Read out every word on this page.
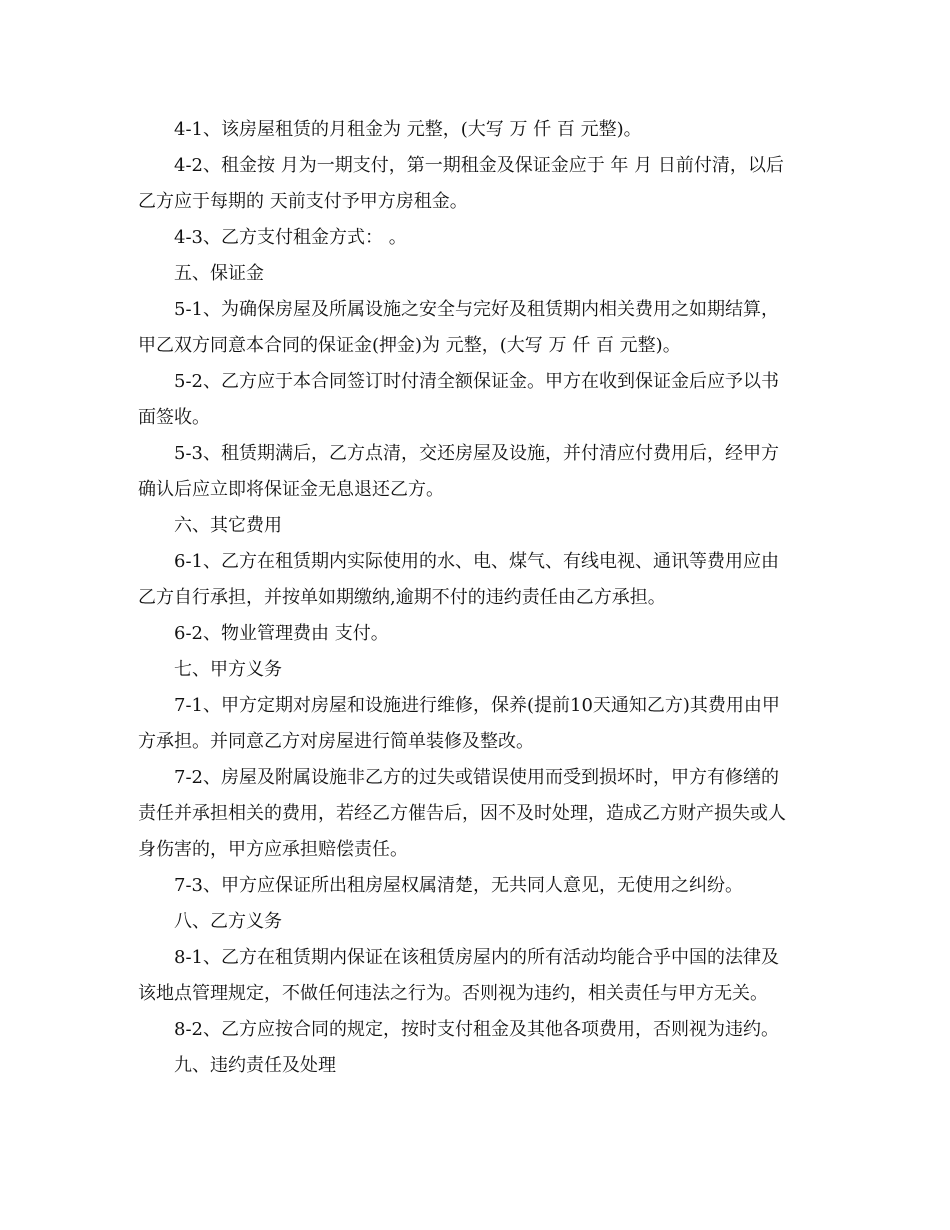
4-1、该房屋租赁的月租金为 元整，(大写 万 仟 百 元整)。

4-2、租金按 月为一期支付，第一期租金及保证金应于 年 月 日前付清，以后
乙方应于每期的 天前支付予甲方房租金。

4-3、乙方支付租金方式： 。

五、保证金

5-1、为确保房屋及所属设施之安全与完好及租赁期内相关费用之如期结算，
甲乙双方同意本合同的保证金(押金)为 元整，(大写 万 仟 百 元整)。

5-2、乙方应于本合同签订时付清全额保证金。甲方在收到保证金后应予以书
面签收。

5-3、租赁期满后，乙方点清，交还房屋及设施，并付清应付费用后，经甲方
确认后应立即将保证金无息退还乙方。

六、其它费用

6-1、乙方在租赁期内实际使用的水、电、煤气、有线电视、通讯等费用应由
乙方自行承担，并按单如期缴纳,逾期不付的违约责任由乙方承担。

6-2、物业管理费由 支付。

七、甲方义务

7-1、甲方定期对房屋和设施进行维修，保养(提前10天通知乙方)其费用由甲
方承担。并同意乙方对房屋进行简单装修及整改。

7-2、房屋及附属设施非乙方的过失或错误使用而受到损坏时，甲方有修缮的
责任并承担相关的费用，若经乙方催告后，因不及时处理，造成乙方财产损失或人
身伤害的，甲方应承担赔偿责任。

7-3、甲方应保证所出租房屋权属清楚，无共同人意见，无使用之纠纷。

八、乙方义务

8-1、乙方在租赁期内保证在该租赁房屋内的所有活动均能合乎中国的法律及
该地点管理规定，不做任何违法之行为。否则视为违约，相关责任与甲方无关。

8-2、乙方应按合同的规定，按时支付租金及其他各项费用，否则视为违约。

九、违约责任及处理
